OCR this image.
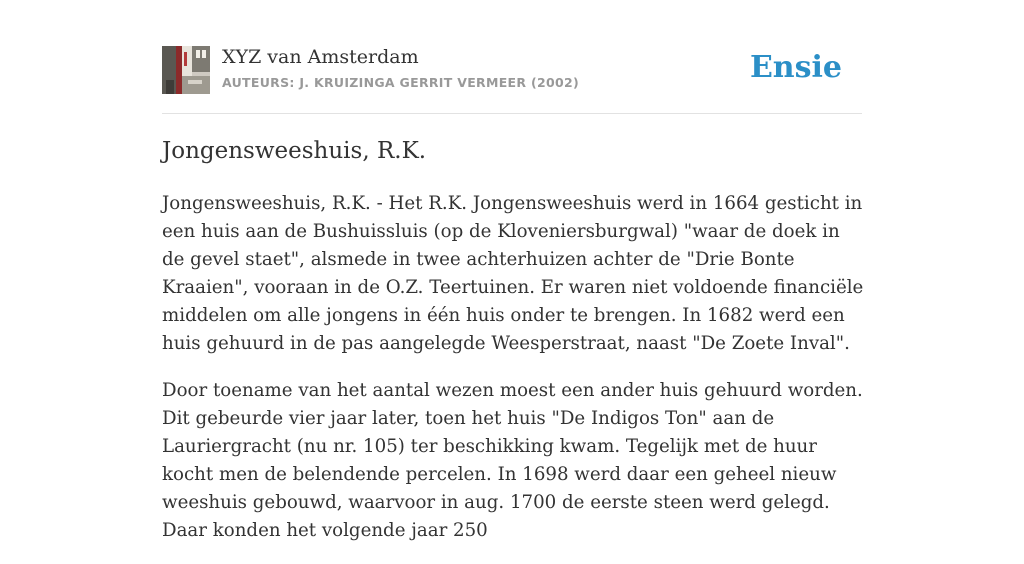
XYZ van Amsterdam
AUTEURS: J. KRUIZINGA GERRIT VERMEER (2002)	Ensie
Jongensweeshuis, R.K.

Jongensweeshuis, R.K. - Het R.K. Jongensweeshuis werd in 1664 gesticht in een huis aan de Bushuissluis (op de Kloveniersburgwal) "waar de doek in de gevel staet", alsmede in twee achterhuizen achter de "Drie Bonte Kraaien", vooraan in de O.Z. Teertuinen. Er waren niet voldoende financiële middelen om alle jongens in één huis onder te brengen. In 1682 werd een huis gehuurd in de pas aangelegde Weesperstraat, naast "De Zoete Inval".

Door toename van het aantal wezen moest een ander huis gehuurd worden. Dit gebeurde vier jaar later, toen het huis "De Indigos Ton" aan de Lauriergracht (nu nr. 105) ter beschikking kwam. Tegelijk met de huur kocht men de belendende percelen. In 1698 werd daar een geheel nieuw weeshuis gebouwd, waarvoor in aug. 1700 de eerste steen werd gelegd. Daar konden het volgende jaar 250
